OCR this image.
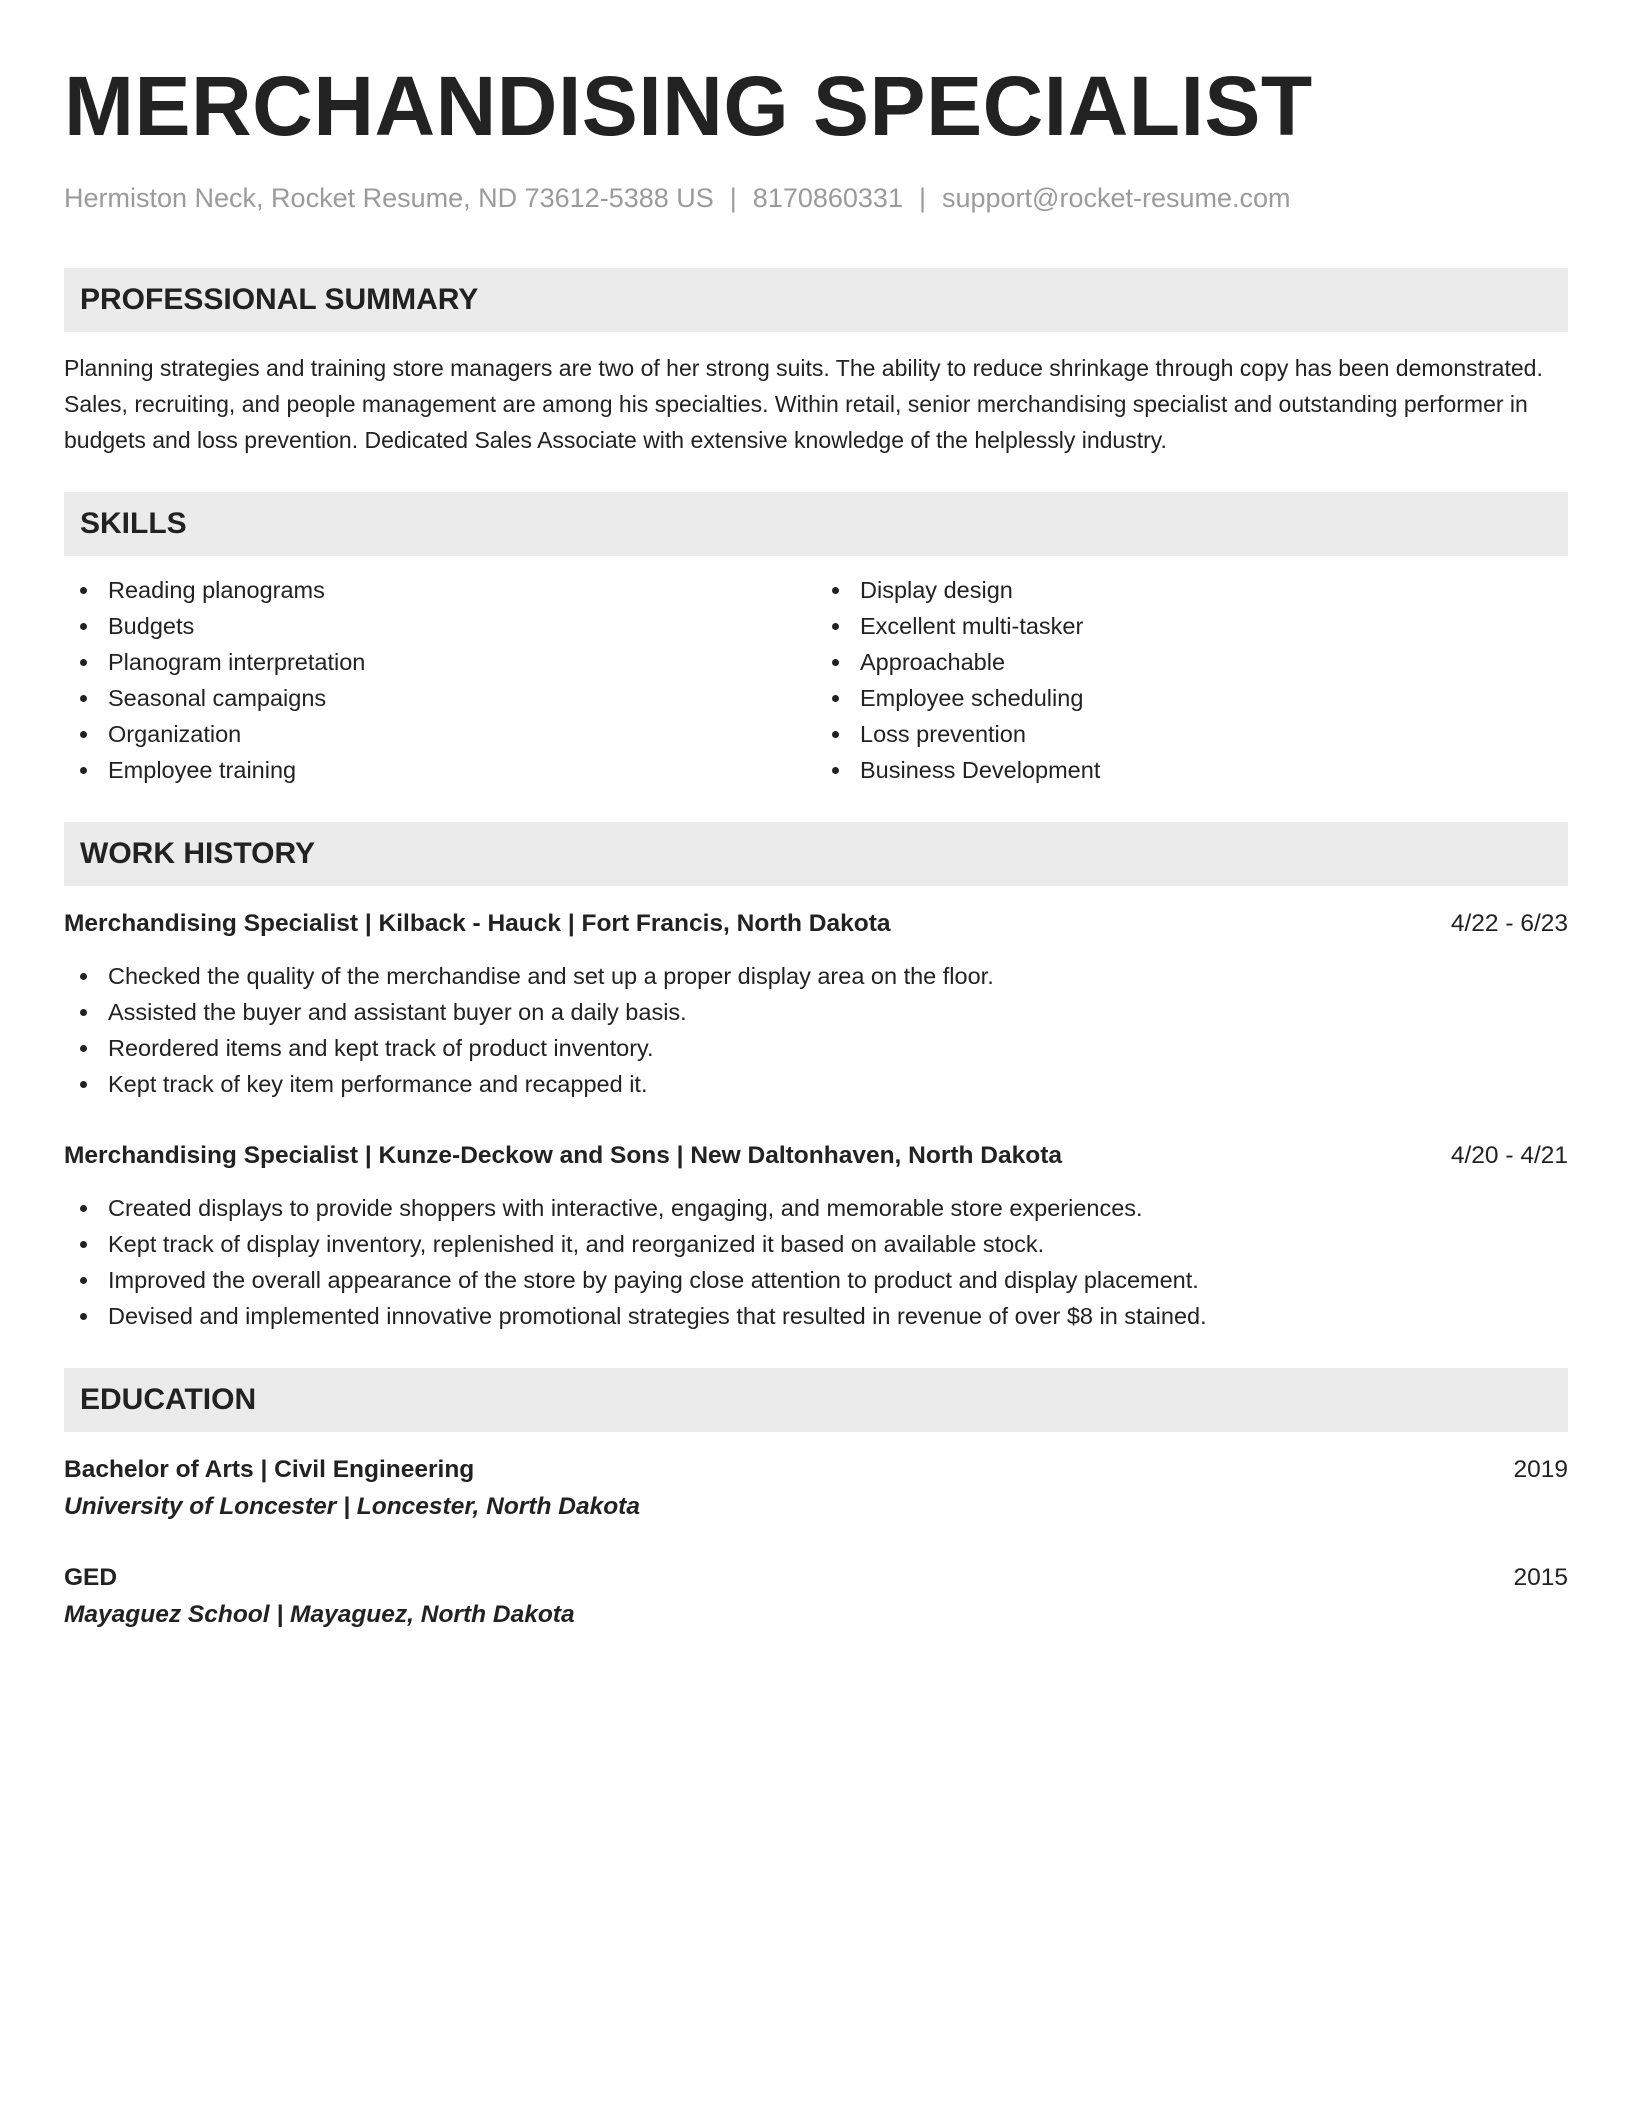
MERCHANDISING SPECIALIST
Hermiston Neck, Rocket Resume, ND 73612-5388 US | 8170860331 | support@rocket-resume.com
PROFESSIONAL SUMMARY
Planning strategies and training store managers are two of her strong suits. The ability to reduce shrinkage through copy has been demonstrated. Sales, recruiting, and people management are among his specialties. Within retail, senior merchandising specialist and outstanding performer in budgets and loss prevention. Dedicated Sales Associate with extensive knowledge of the helplessly industry.
SKILLS
Reading planograms
Budgets
Planogram interpretation
Seasonal campaigns
Organization
Employee training
Display design
Excellent multi-tasker
Approachable
Employee scheduling
Loss prevention
Business Development
WORK HISTORY
Merchandising Specialist | Kilback - Hauck | Fort Francis, North Dakota	4/22 - 6/23
Checked the quality of the merchandise and set up a proper display area on the floor.
Assisted the buyer and assistant buyer on a daily basis.
Reordered items and kept track of product inventory.
Kept track of key item performance and recapped it.
Merchandising Specialist | Kunze-Deckow and Sons | New Daltonhaven, North Dakota	4/20 - 4/21
Created displays to provide shoppers with interactive, engaging, and memorable store experiences.
Kept track of display inventory, replenished it, and reorganized it based on available stock.
Improved the overall appearance of the store by paying close attention to product and display placement.
Devised and implemented innovative promotional strategies that resulted in revenue of over $8 in stained.
EDUCATION
Bachelor of Arts | Civil Engineering	2019
University of Loncester | Loncester, North Dakota
GED	2015
Mayaguez School | Mayaguez, North Dakota
